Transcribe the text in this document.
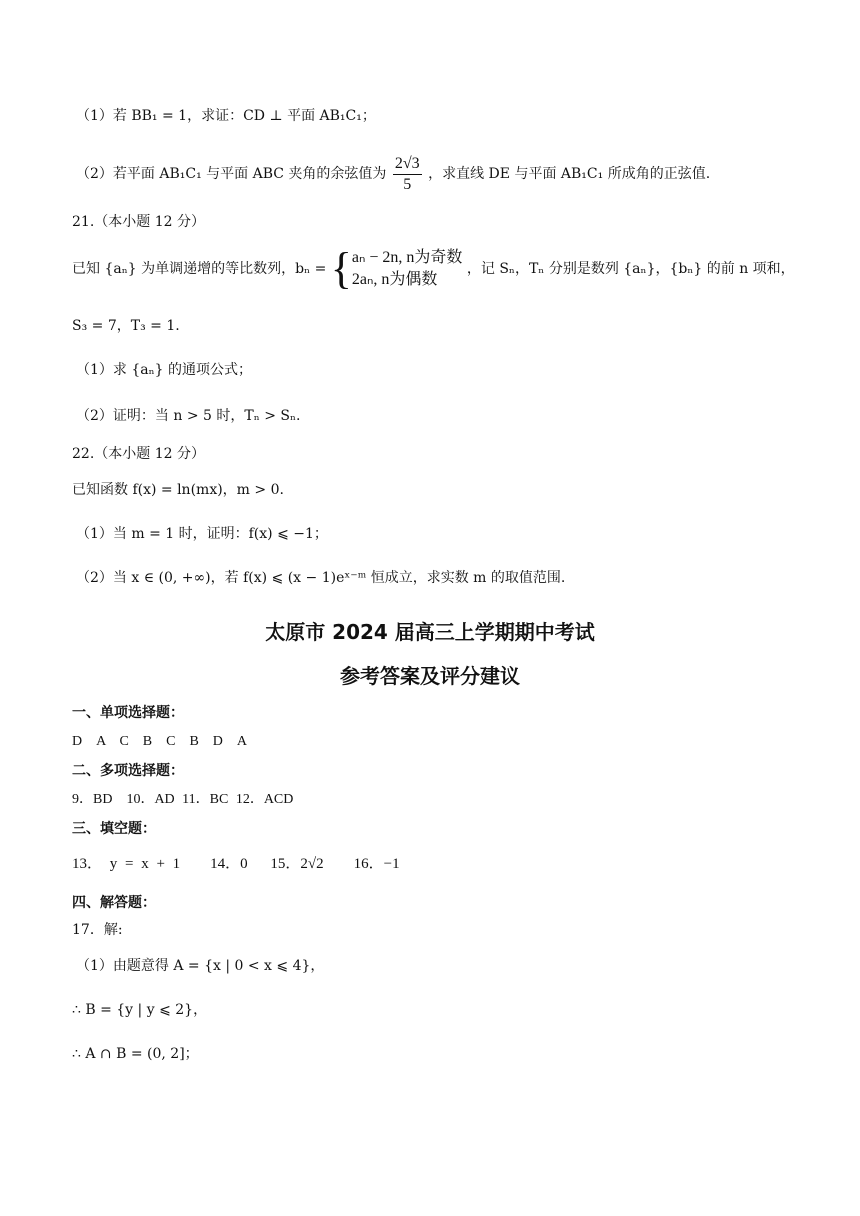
（1）若 BB₁ = 1，求证：CD ⊥ 平面 AB₁C₁；
（2）若平面 AB₁C₁ 与平面 ABC 夹角的余弦值为 $\frac{2√3}{5}$ ，求直线 DE 与平面 AB₁C₁ 所成角的正弦值.
21.（本小题 12 分）
已知 {aₙ} 为单调递增的等比数列，bₙ = { aₙ − 2n, n为奇数
2aₙ, n为偶数
，记 Sₙ，Tₙ 分别是数列 {aₙ}，{bₙ} 的前 n 项和，
S₃ = 7，T₃ = 1.
（1）求 {aₙ} 的通项公式；
（2）证明：当 n > 5 时，Tₙ > Sₙ.
22.（本小题 12 分）
已知函数 f(x) = ln(mx)，m > 0.
（1）当 m = 1 时，证明：f(x) ⩽ −1；
（2）当 x ∈ (0, +∞)，若 f(x) ⩽ (x − 1)eˣ⁻ᵐ 恒成立，求实数 m 的取值范围.
太原市 2024 届高三上学期期中考试
参考答案及评分建议
一、单项选择题：
D　A　C　B　C　B　D　A
二、多项选择题：
9．BD　10．AD 11．BC 12．ACD
三、填空题：
13． y = x + 1　　14．0　 15．2√2　　16．−1
四、解答题：
17．解:
（1）由题意得 A = {x | 0 < x ⩽ 4}，
∴ B = {y | y ⩽ 2}，
∴ A ∩ B = (0, 2]；
